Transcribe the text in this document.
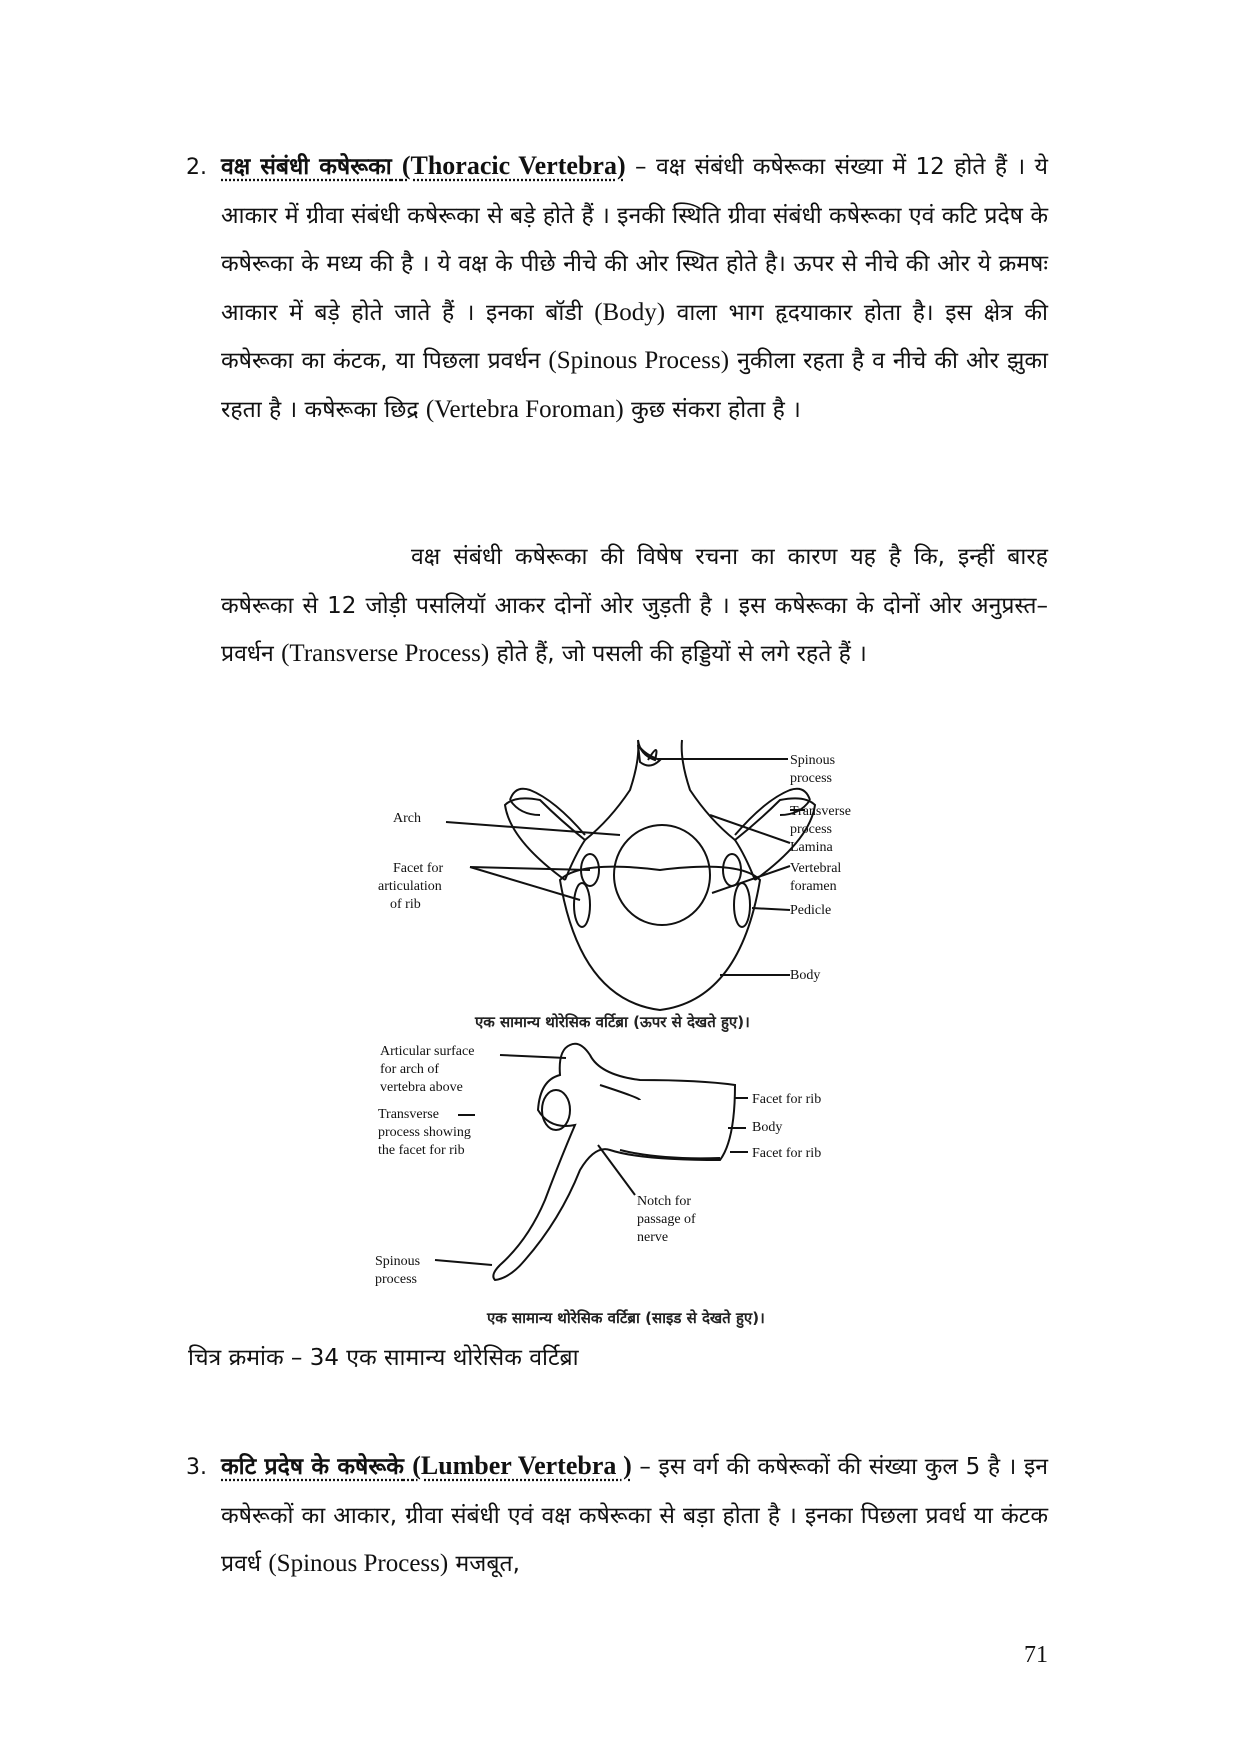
2. वक्ष संबंधी कषेरूका (Thoracic Vertebra) – वक्ष संबंधी कषेरूका संख्या में 12 होते हैं । ये आकार में ग्रीवा संबंधी कषेरूका से बड़े होते हैं । इनकी स्थिति ग्रीवा संबंधी कषेरूका एवं कटि प्रदेष के कषेरूका के मध्य की है । ये वक्ष के पीछे नीचे की ओर स्थित होते है। ऊपर से नीचे की ओर ये क्रमषः आकार में बड़े होते जाते हैं । इनका बॉडी (Body) वाला भाग हृदयाकार होता है। इस क्षेत्र की कषेरूका का कंटक, या पिछला प्रवर्धन (Spinous Process) नुकीला रहता है व नीचे की ओर झुका रहता है । कषेरूका छिद्र (Vertebra Foroman) कुछ संकरा होता है ।
वक्ष संबंधी कषेरूका की विषेष रचना का कारण यह है कि, इन्हीं बारह कषेरूका से 12 जोड़ी पसलियॉ आकर दोनों ओर जुड़ती है । इस कषेरूका के दोनों ओर अनुप्रस्त–प्रवर्धन (Transverse Process) होते हैं, जो पसली की हड्डियों से लगे रहते हैं ।
Spinous
process
Transverse
process
Lamina
Vertebral
foramen
Pedicle
Body
Arch
Facet for
articulation
of rib
Articular surface
for arch of
vertebra above
Transverse
process showing
the facet for rib
Spinous
process
Facet for rib
Body
Facet for rib
Notch for
passage of
nerve
एक सामान्य थोरेसिक वर्टिब्रा (ऊपर से देखते हुए)।
एक सामान्य थोरेसिक वर्टिब्रा (साइड से देखते हुए)।
चित्र क्रमांक – 34 एक सामान्य थोरेसिक वर्टिब्रा
3. कटि प्रदेष के कषेरूके (Lumber Vertebra ) – इस वर्ग की कषेरूकों की संख्या कुल 5 है । इन कषेरूकों का आकार, ग्रीवा संबंधी एवं वक्ष कषेरूका से बड़ा होता है । इनका पिछला प्रवर्ध या कंटक प्रवर्ध (Spinous Process) मजबूत,
71
